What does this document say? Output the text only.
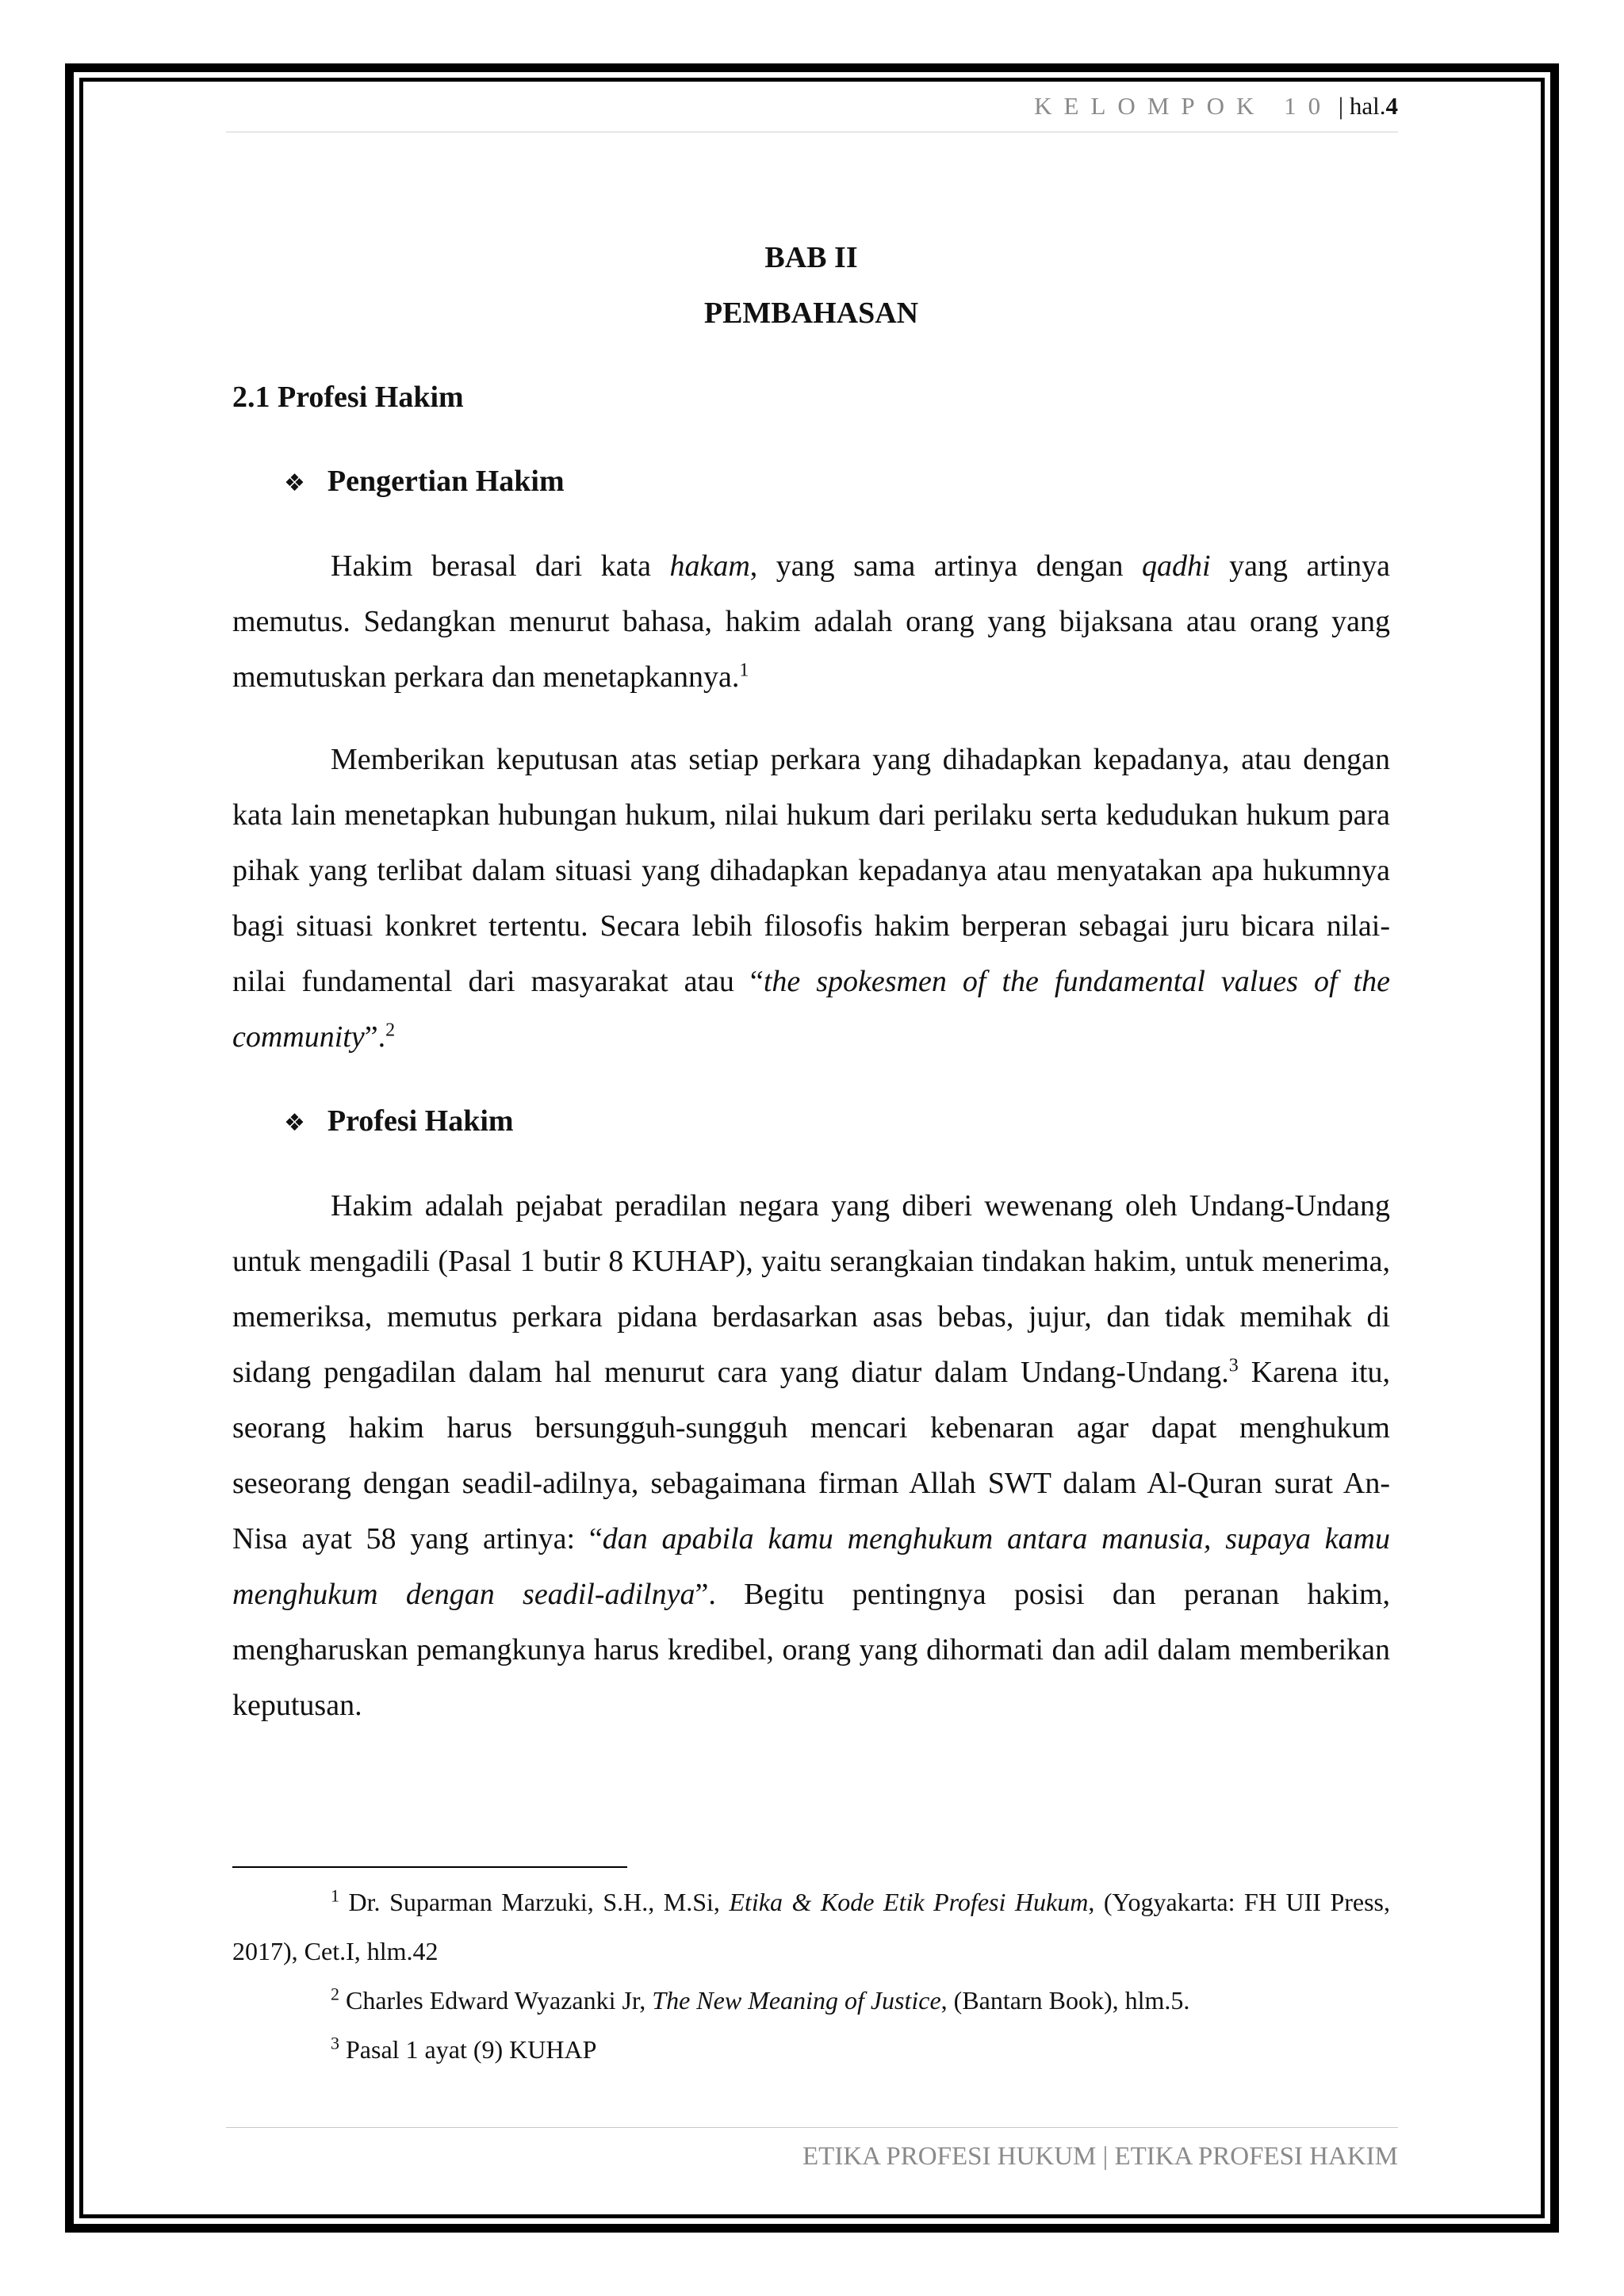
KELOMPOK 10 | hal.4
BAB II
PEMBAHASAN
2.1 Profesi Hakim
❖ Pengertian Hakim

Hakim berasal dari kata hakam, yang sama artinya dengan qadhi yang artinya memutus. Sedangkan menurut bahasa, hakim adalah orang yang bijaksana atau orang yang memutuskan perkara dan menetapkannya.$^1$

Memberikan keputusan atas setiap perkara yang dihadapkan kepadanya, atau dengan kata lain menetapkan hubungan hukum, nilai hukum dari perilaku serta kedudukan hukum para pihak yang terlibat dalam situasi yang dihadapkan kepadanya atau menyatakan apa hukumnya bagi situasi konkret tertentu. Secara lebih filosofis hakim berperan sebagai juru bicara nilai-nilai fundamental dari masyarakat atau “the spokesmen of the fundamental values of the community”.$^2$

❖ Profesi Hakim

Hakim adalah pejabat peradilan negara yang diberi wewenang oleh Undang-Undang untuk mengadili (Pasal 1 butir 8 KUHAP), yaitu serangkaian tindakan hakim, untuk menerima, memeriksa, memutus perkara pidana berdasarkan asas bebas, jujur, dan tidak memihak di sidang pengadilan dalam hal menurut cara yang diatur dalam Undang-Undang.$^3$ Karena itu, seorang hakim harus bersungguh-sungguh mencari kebenaran agar dapat menghukum seseorang dengan seadil-adilnya, sebagaimana firman Allah SWT dalam Al-Quran surat An-Nisa ayat 58 yang artinya: “dan apabila kamu menghukum antara manusia, supaya kamu menghukum dengan seadil-adilnya”. Begitu pentingnya posisi dan peranan hakim, mengharuskan pemangkunya harus kredibel, orang yang dihormati dan adil dalam memberikan keputusan.

$^1$ Dr. Suparman Marzuki, S.H., M.Si, Etika & Kode Etik Profesi Hukum, (Yogyakarta: FH UII Press, 2017), Cet.I, hlm.42
$^2$ Charles Edward Wyazanki Jr, The New Meaning of Justice, (Bantarn Book), hlm.5.
$^3$ Pasal 1 ayat (9) KUHAP
ETIKA PROFESI HUKUM | ETIKA PROFESI HAKIM
